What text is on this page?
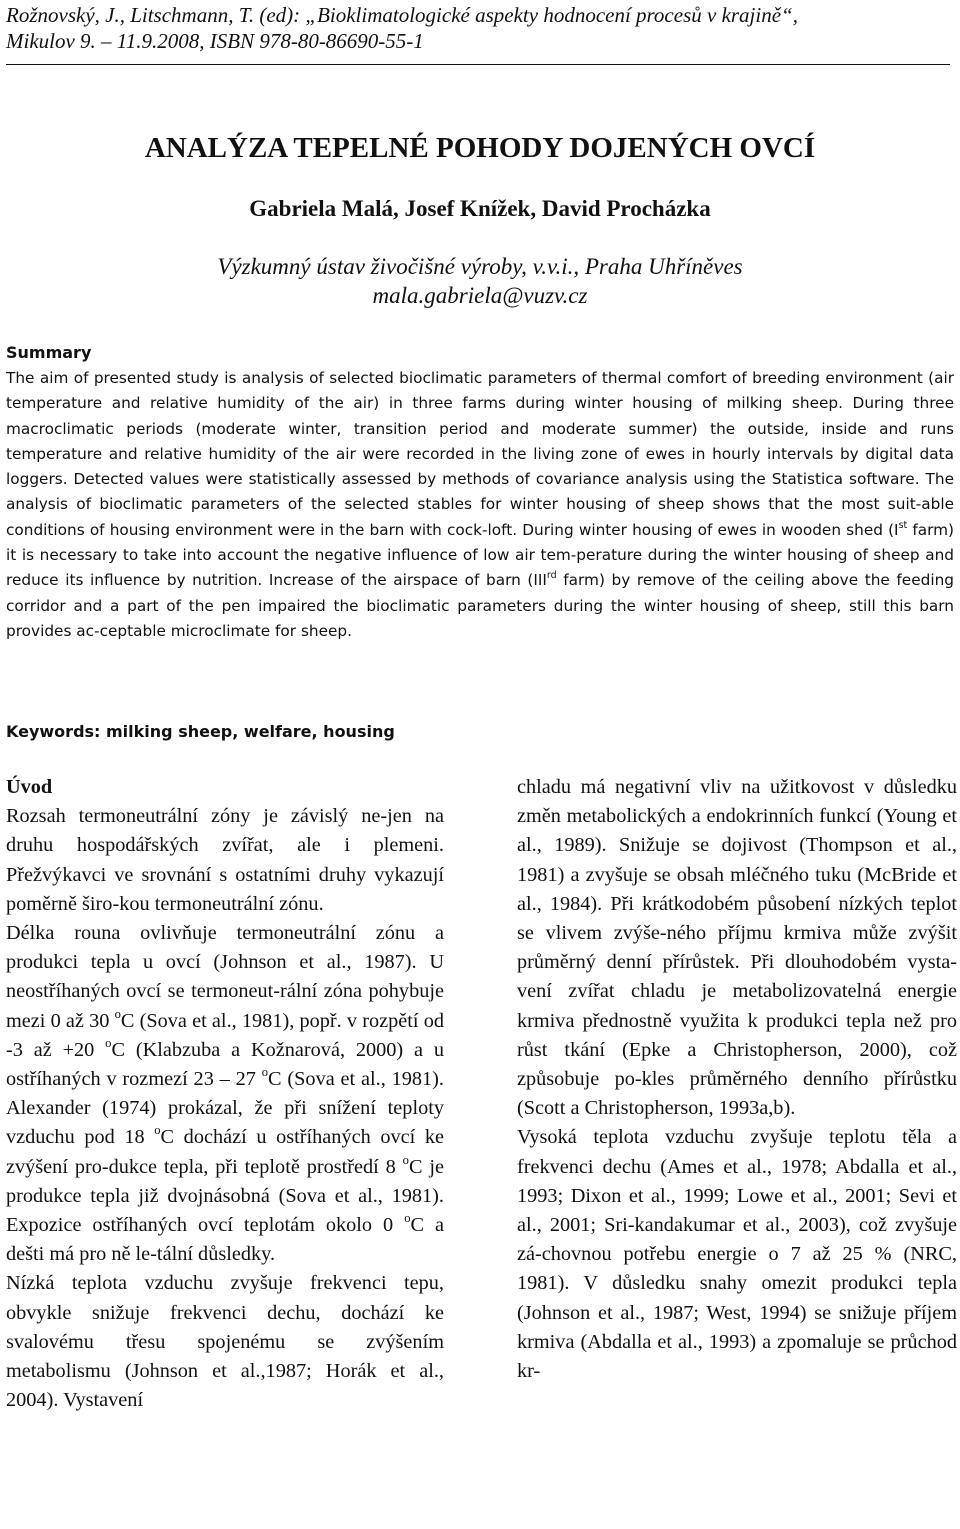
Rožnovský, J., Litschmann, T. (ed): „Bioklimatologické aspekty hodnocení procesů v krajině“,
Mikulov 9. – 11.9.2008, ISBN 978-80-86690-55-1
ANALÝZA TEPELNÉ POHODY DOJENÝCH OVCÍ
Gabriela Malá, Josef Knížek, David Procházka
Výzkumný ústav živočišné výroby, v.v.i., Praha Uhříněves
mala.gabriela@vuzv.cz
Summary
The aim of presented study is analysis of selected bioclimatic parameters of thermal comfort of breeding environment (air temperature and relative humidity of the air) in three farms during winter housing of milking sheep. During three macroclimatic periods (moderate winter, transition period and moderate summer) the outside, inside and runs temperature and relative humidity of the air were recorded in the living zone of ewes in hourly intervals by digital data loggers. Detected values were statistically assessed by methods of covariance analysis using the Statistica software. The analysis of bioclimatic parameters of the selected stables for winter housing of sheep shows that the most suit-able conditions of housing environment were in the barn with cock-loft. During winter housing of ewes in wooden shed (Ist farm) it is necessary to take into account the negative influence of low air tem-perature during the winter housing of sheep and reduce its influence by nutrition. Increase of the airspace of barn (IIIrd farm) by remove of the ceiling above the feeding corridor and a part of the pen impaired the bioclimatic parameters during the winter housing of sheep, still this barn provides ac-ceptable microclimate for sheep.
Keywords: milking sheep, welfare, housing
Úvod

Rozsah termoneutrální zóny je závislý ne-jen na druhu hospodářských zvířat, ale i plemeni. Přežvýkavci ve srovnání s ostatními druhy vykazují poměrně širo-kou termoneutrální zónu.

Délka rouna ovlivňuje termoneutrální zónu a produkci tepla u ovcí (Johnson et al., 1987). U neostříhaných ovcí se termoneut-rální zóna pohybuje mezi 0 až 30 $^o$C (Sova et al., 1981), popř. v rozpětí od -3 až +20 $^o$C (Klabzuba a Kožnarová, 2000) a u ostříhaných v rozmezí 23 – 27 $^o$C (Sova et al., 1981). Alexander (1974) prokázal, že při snížení teploty vzduchu pod 18 $^o$C dochází u ostříhaných ovcí ke zvýšení pro-dukce tepla, při teplotě prostředí 8 $^o$C je produkce tepla již dvojnásobná (Sova et al., 1981). Expozice ostříhaných ovcí teplotám okolo 0 $^o$C a dešti má pro ně le-tální důsledky.

Nízká teplota vzduchu zvyšuje frekvenci tepu, obvykle snižuje frekvenci dechu, dochází ke svalovému třesu spojenému se zvýšením metabolismu (Johnson et al.,1987; Horák et al., 2004). Vystavení

chladu má negativní vliv na užitkovost v důsledku změn metabolických a endokrinních funkcí (Young et al., 1989). Snižuje se dojivost (Thompson et al., 1981) a zvyšuje se obsah mléčného tuku (McBride et al., 1984). Při krátkodobém působení nízkých teplot se vlivem zvýše-ného příjmu krmiva může zvýšit průměrný denní přírůstek. Při dlouhodobém vysta-vení zvířat chladu je metabolizovatelná energie krmiva přednostně využita k produkci tepla než pro růst tkání (Epke a Christopherson, 2000), což způsobuje po-kles průměrného denního přírůstku (Scott a Christopherson, 1993a,b).

Vysoká teplota vzduchu zvyšuje teplotu těla a frekvenci dechu (Ames et al., 1978; Abdalla et al., 1993; Dixon et al., 1999; Lowe et al., 2001; Sevi et al., 2001; Sri-kandakumar et al., 2003), což zvyšuje zá-chovnou potřebu energie o 7 až 25 % (NRC, 1981). V důsledku snahy omezit produkci tepla (Johnson et al., 1987; West, 1994) se snižuje příjem krmiva (Abdalla et al., 1993) a zpomaluje se průchod kr-
